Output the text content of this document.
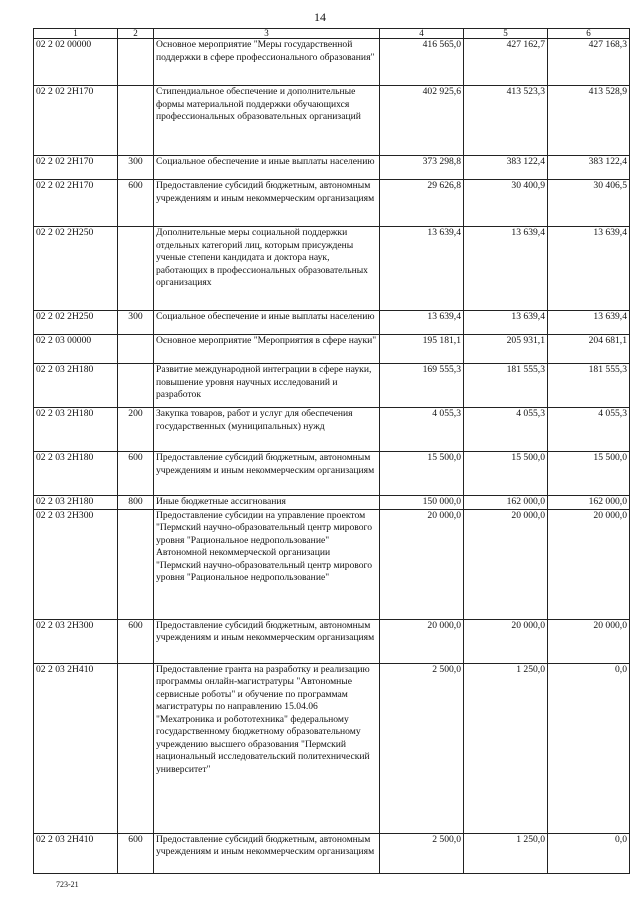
14
1	2	3	4	5	6
02 2 02 00000		Основное мероприятие "Меры государственной поддержки в сфере профессионального образования"	416 565,0	427 162,7	427 168,3
02 2 02 2Н170		Стипендиальное обеспечение и дополнительные формы материальной поддержки обучающихся профессиональных образовательных организаций	402 925,6	413 523,3	413 528,9
02 2 02 2Н170	300	Социальное обеспечение и иные выплаты населению	373 298,8	383 122,4	383 122,4
02 2 02 2Н170	600	Предоставление субсидий бюджетным, автономным учреждениям и иным некоммерческим организациям	29 626,8	30 400,9	30 406,5
02 2 02 2Н250		Дополнительные меры социальной поддержки отдельных категорий лиц, которым присуждены ученые степени кандидата и доктора наук, работающих в профессиональных образовательных организациях	13 639,4	13 639,4	13 639,4
02 2 02 2Н250	300	Социальное обеспечение и иные выплаты населению	13 639,4	13 639,4	13 639,4
02 2 03 00000		Основное мероприятие "Мероприятия в сфере науки"	195 181,1	205 931,1	204 681,1
02 2 03 2Н180		Развитие международной интеграции в сфере науки, повышение уровня научных исследований и разработок	169 555,3	181 555,3	181 555,3
02 2 03 2Н180	200	Закупка товаров, работ и услуг для обеспечения государственных (муниципальных) нужд	4 055,3	4 055,3	4 055,3
02 2 03 2Н180	600	Предоставление субсидий бюджетным, автономным учреждениям и иным некоммерческим организациям	15 500,0	15 500,0	15 500,0
02 2 03 2Н180	800	Иные бюджетные ассигнования	150 000,0	162 000,0	162 000,0
02 2 03 2Н300		Предоставление субсидии на управление проектом "Пермский научно-образовательный центр мирового уровня "Рациональное недропользование" Автономной некоммерческой организации "Пермский научно-образовательный центр мирового уровня "Рациональное недропользование"	20 000,0	20 000,0	20 000,0
02 2 03 2Н300	600	Предоставление субсидий бюджетным, автономным учреждениям и иным некоммерческим организациям	20 000,0	20 000,0	20 000,0
02 2 03 2Н410		Предоставление гранта на разработку и реализацию программы онлайн-магистратуры "Автономные сервисные роботы" и обучение по программам магистратуры по направлению 15.04.06 "Мехатроника и робототехника" федеральному государственному бюджетному образовательному учреждению высшего образования "Пермский национальный исследовательский политехнический университет"	2 500,0	1 250,0	0,0
02 2 03 2Н410	600	Предоставление субсидий бюджетным, автономным учреждениям и иным некоммерческим организациям	2 500,0	1 250,0	0,0
723-21
